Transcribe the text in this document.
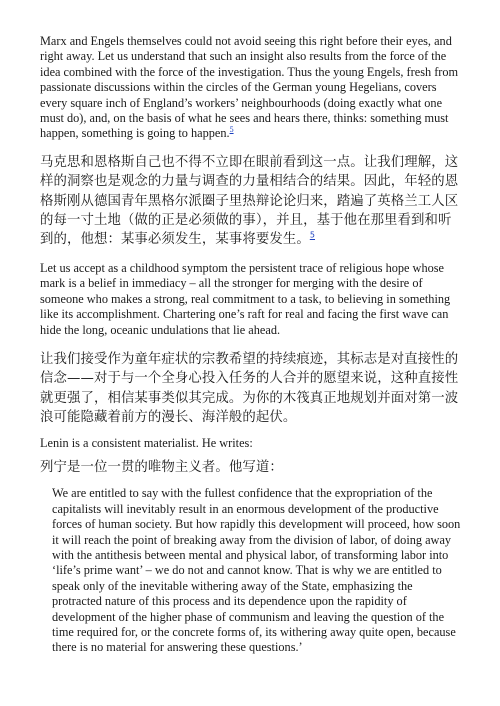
Marx and Engels themselves could not avoid seeing this right before their eyes, and right away. Let us understand that such an insight also results from the force of the idea combined with the force of the investigation. Thus the young Engels, fresh from passionate discussions within the circles of the German young Hegelians, covers every square inch of England’s workers’ neighbourhoods (doing exactly what one must do), and, on the basis of what he sees and hears there, thinks: something must happen, something is going to happen.$^5$

马克思和恩格斯自己也不得不立即在眼前看到这一点。让我们理解，这样的洞察也是观念的力量与调查的力量相结合的结果。因此，年轻的恩格斯刚从德国青年黑格尔派圈子里热辩论论归来，踏遍了英格兰工人区的每一寸土地（做的正是必须做的事），并且，基于他在那里看到和听到的，他想：某事必须发生，某事将要发生。$^5$

Let us accept as a childhood symptom the persistent trace of religious hope whose mark is a belief in immediacy – all the stronger for merging with the desire of someone who makes a strong, real commitment to a task, to believing in something like its accomplishment. Chartering one’s raft for real and facing the first wave can hide the long, oceanic undulations that lie ahead.

让我们接受作为童年症状的宗教希望的持续痕迹，其标志是对直接性的信念——对于与一个全身心投入任务的人合并的愿望来说，这种直接性就更强了，相信某事类似其完成。为你的木筏真正地规划并面对第一波浪可能隐藏着前方的漫长、海洋般的起伏。

Lenin is a consistent materialist. He writes:

列宁是一位一贯的唯物主义者。他写道：

We are entitled to say with the fullest confidence that the expropriation of the capitalists will inevitably result in an enormous development of the productive forces of human society. But how rapidly this development will proceed, how soon it will reach the point of breaking away from the division of labor, of doing away with the antithesis between mental and physical labor, of transforming labor into ‘life’s prime want’ – we do not and cannot know. That is why we are entitled to speak only of the inevitable withering away of the State, emphasizing the protracted nature of this process and its dependence upon the rapidity of development of the higher phase of communism and leaving the question of the time required for, or the concrete forms of, its withering away quite open, because there is no material for answering these questions.’
